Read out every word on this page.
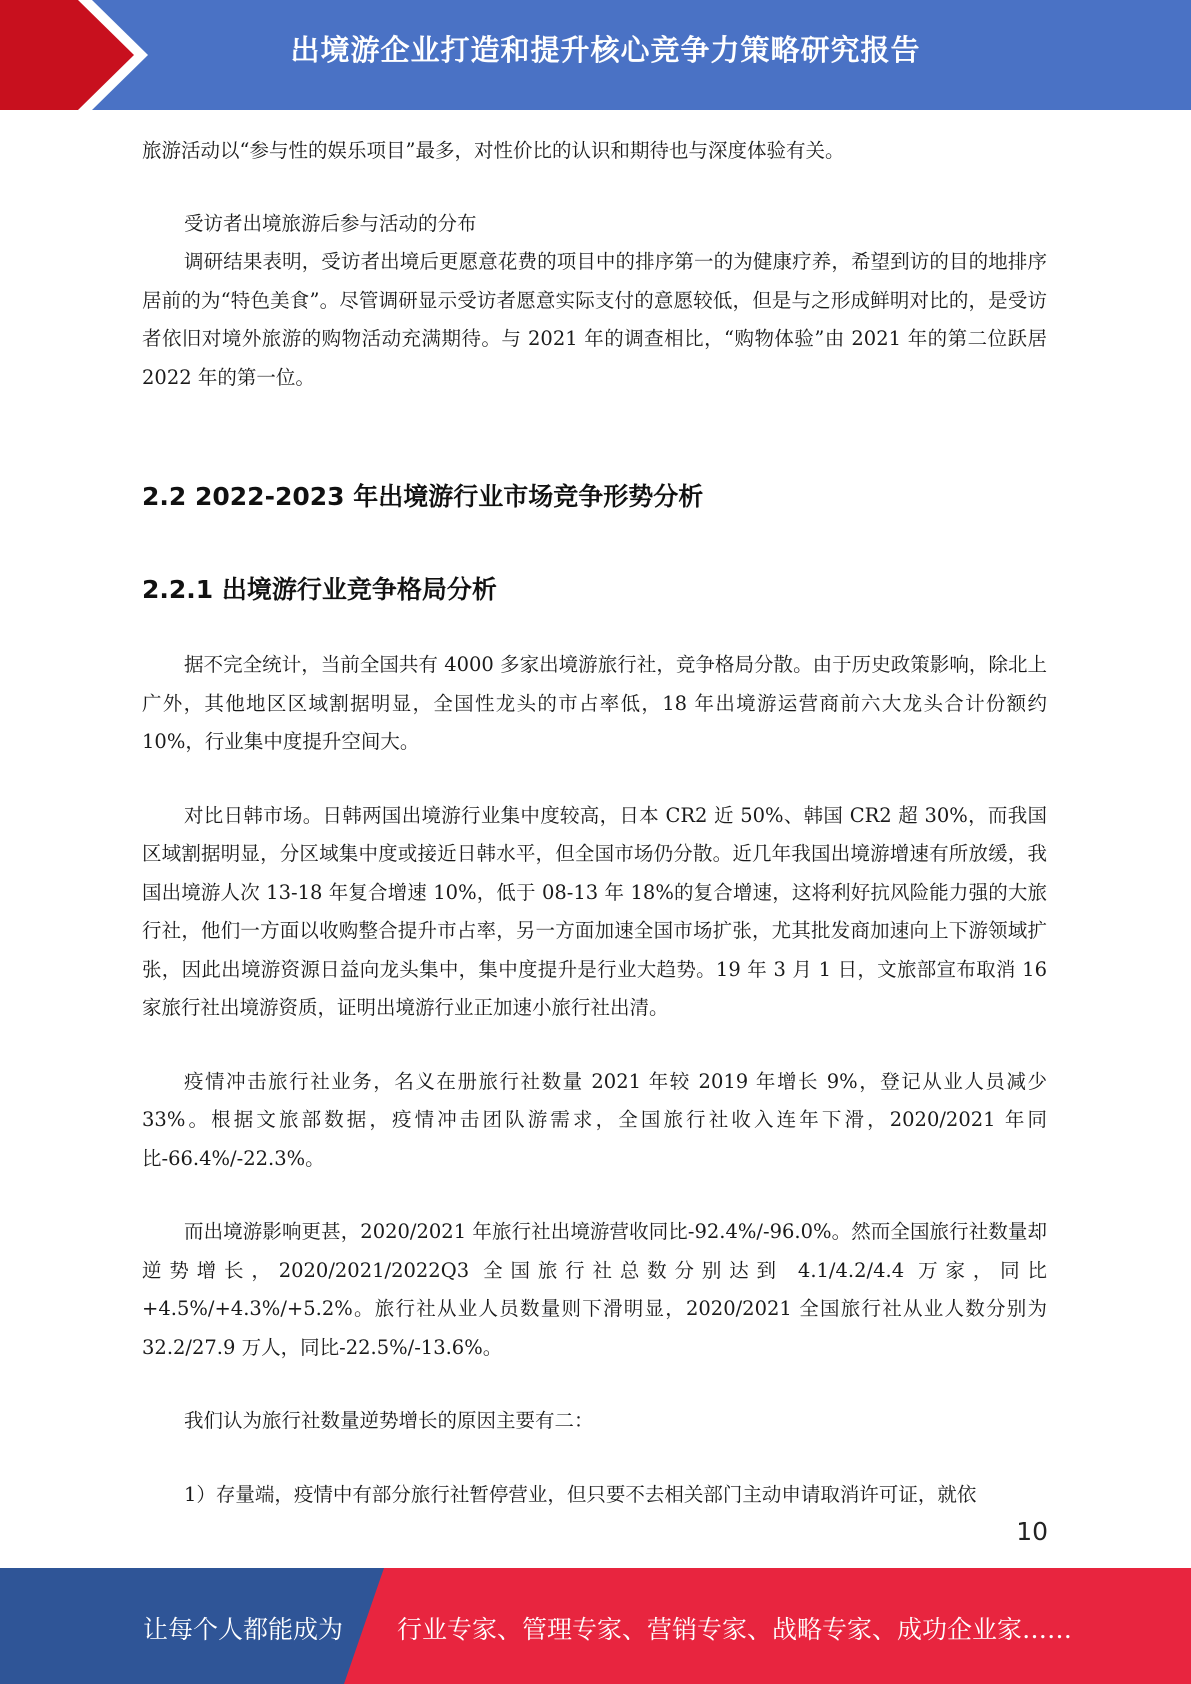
出境游企业打造和提升核心竞争力策略研究报告

旅游活动以“参与性的娱乐项目”最多，对性价比的认识和期待也与深度体验有关。

受访者出境旅游后参与活动的分布

调研结果表明，受访者出境后更愿意花费的项目中的排序第一的为健康疗养，希望到访的目的地排序居前的为“特色美食”。尽管调研显示受访者愿意实际支付的意愿较低，但是与之形成鲜明对比的，是受访者依旧对境外旅游的购物活动充满期待。与 2021 年的调查相比，“购物体验”由 2021 年的第二位跃居 2022 年的第一位。

2.2 2022-2023 年出境游行业市场竞争形势分析
2.2.1 出境游行业竞争格局分析

据不完全统计，当前全国共有 4000 多家出境游旅行社，竞争格局分散。由于历史政策影响，除北上广外，其他地区区域割据明显，全国性龙头的市占率低，18 年出境游运营商前六大龙头合计份额约 10%，行业集中度提升空间大。

对比日韩市场。日韩两国出境游行业集中度较高，日本 CR2 近 50%、韩国 CR2 超 30%，而我国区域割据明显，分区域集中度或接近日韩水平，但全国市场仍分散。近几年我国出境游增速有所放缓，我国出境游人次 13-18 年复合增速 10%，低于 08-13 年 18%的复合增速，这将利好抗风险能力强的大旅行社，他们一方面以收购整合提升市占率，另一方面加速全国市场扩张，尤其批发商加速向上下游领域扩张，因此出境游资源日益向龙头集中，集中度提升是行业大趋势。19 年 3 月 1 日，文旅部宣布取消 16 家旅行社出境游资质，证明出境游行业正加速小旅行社出清。

疫情冲击旅行社业务，名义在册旅行社数量 2021 年较 2019 年增长 9%，登记从业人员减少 33%。根据文旅部数据，疫情冲击团队游需求，全国旅行社收入连年下滑，2020/2021 年同比-66.4%/-22.3%。

而出境游影响更甚，2020/2021 年旅行社出境游营收同比-92.4%/-96.0%。然而全国旅行社数量却逆势增长，2020/2021/2022Q3 全国旅行社总数分别达到 4.1/4.2/4.4 万家，同比+4.5%/+4.3%/+5.2%。旅行社从业人员数量则下滑明显，2020/2021 全国旅行社从业人数分别为 32.2/27.9 万人，同比-22.5%/-13.6%。

我们认为旅行社数量逆势增长的原因主要有二：

1）存量端，疫情中有部分旅行社暂停营业，但只要不去相关部门主动申请取消许可证，就依

10
让每个人都能成为 行业专家、管理专家、营销专家、战略专家、成功企业家……
